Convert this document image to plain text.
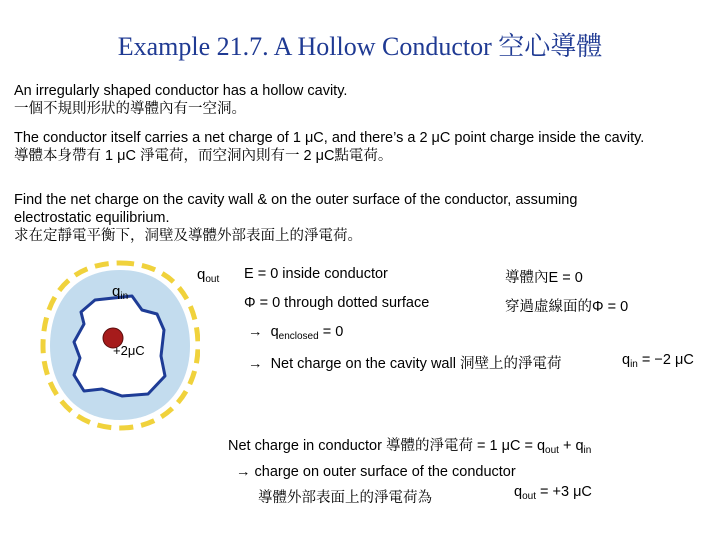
Example 21.7. A Hollow Conductor 空心導體
An irregularly shaped conductor has a hollow cavity.
一個不規則形狀的導體內有一空洞。
The conductor itself carries a net charge of 1 μC, and there’s a 2 μC point charge inside the cavity.
導體本身帶有 1 μC 淨電荷，而空洞內則有一 2 μC點電荷。
Find the net charge on the cavity wall & on the outer surface of the conductor, assuming
electrostatic equilibrium.
求在定靜電平衡下，洞壁及導體外部表面上的淨電荷。
$q_{in}$
$q_{out}$
+2μC
E = 0 inside conductor	導體內E = 0
Φ = 0 through dotted surface	穿過虛線面的Φ = 0
→ $q_{enclosed} = 0$
→ Net charge on the cavity wall 洞壁上的淨電荷	$q_{in} = -2$ μC
Net charge in conductor 導體的淨電荷 = 1 $\mu C = q_{out} + q_{in}$
→ charge on outer surface of the conductor
導體外部表面上的淨電荷為	$q_{out} = +3$ μC
